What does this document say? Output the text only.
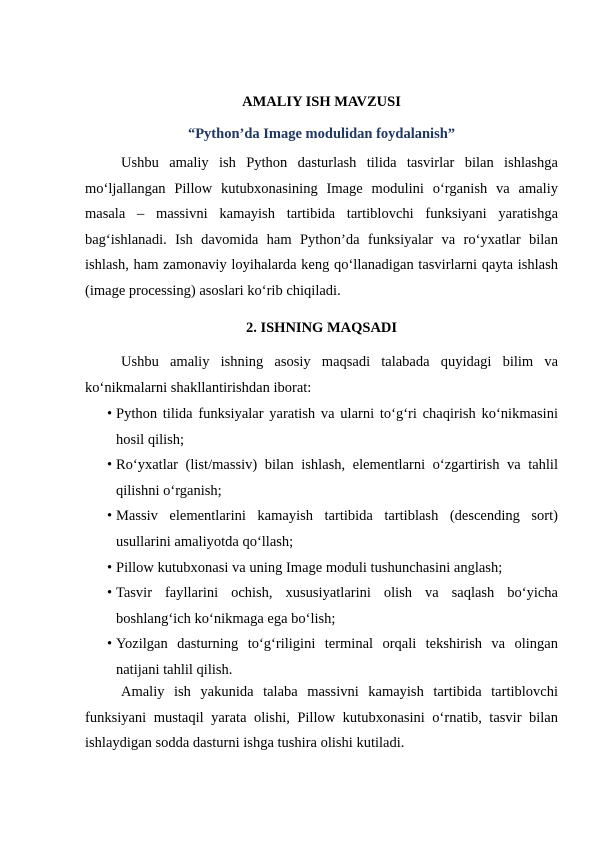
AMALIY ISH MAVZUSI
“Python’da Image modulidan foydalanish”

Ushbu amaliy ish Python dasturlash tilida tasvirlar bilan ishlashga mo‘ljallangan Pillow kutubxonasining Image modulini o‘rganish va amaliy masala – massivni kamayish tartibida tartiblovchi funksiyani yaratishga bag‘ishlanadi. Ish davomida ham Python’da funksiyalar va ro‘yxatlar bilan ishlash, ham zamonaviy loyihalarda keng qo‘llanadigan tasvirlarni qayta ishlash (image processing) asoslari ko‘rib chiqiladi.

2. ISHNING MAQSADI

Ushbu amaliy ishning asosiy maqsadi talabada quyidagi bilim va ko‘nikmalarni shakllantirishdan iborat:

• Python tilida funksiyalar yaratish va ularni to‘g‘ri chaqirish ko‘nikmasini hosil qilish;
• Ro‘yxatlar (list/massiv) bilan ishlash, elementlarni o‘zgartirish va tahlil qilishni o‘rganish;
• Massiv elementlarini kamayish tartibida tartiblash (descending sort) usullarini amaliyotda qo‘llash;
• Pillow kutubxonasi va uning Image moduli tushunchasini anglash;
• Tasvir fayllarini ochish, xususiyatlarini olish va saqlash bo‘yicha boshlang‘ich ko‘nikmaga ega bo‘lish;
• Yozilgan dasturning to‘g‘riligini terminal orqali tekshirish va olingan natijani tahlil qilish.

Amaliy ish yakunida talaba massivni kamayish tartibida tartiblovchi funksiyani mustaqil yarata olishi, Pillow kutubxonasini o‘rnatib, tasvir bilan ishlaydigan sodda dasturni ishga tushira olishi kutiladi.
